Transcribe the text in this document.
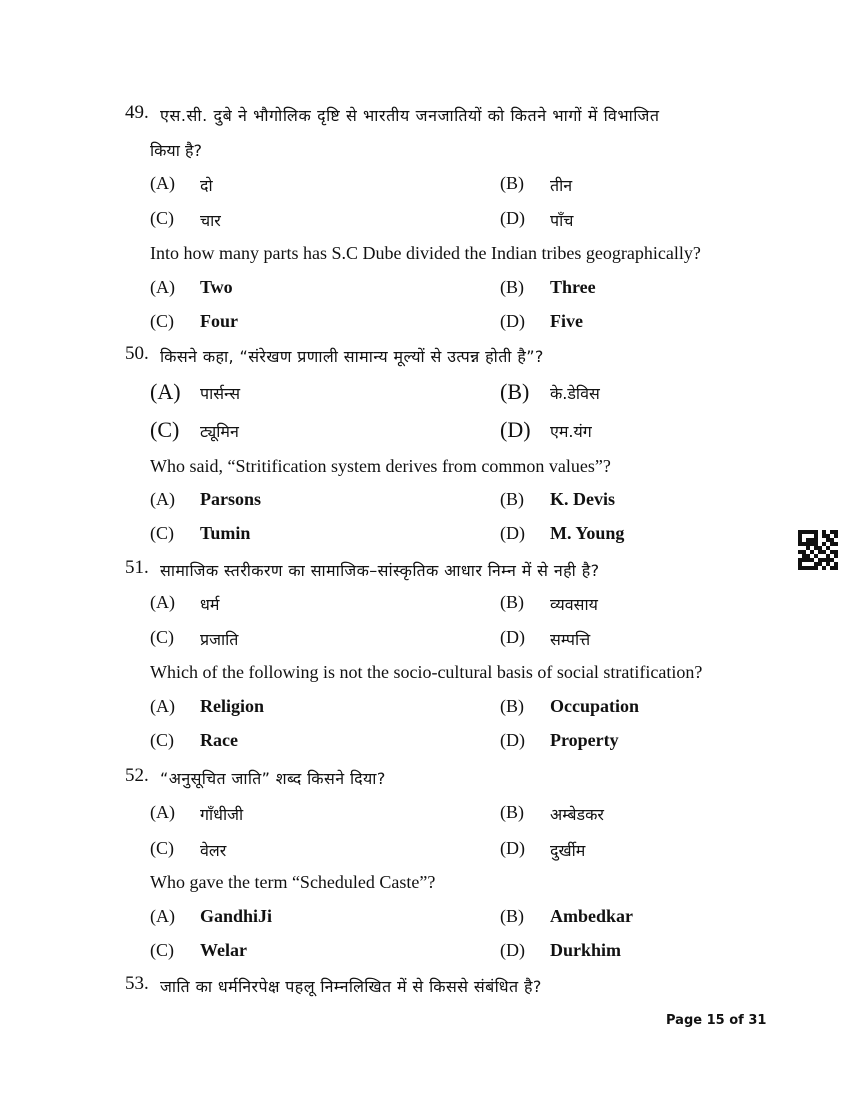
49. एस.सी. दुबे ने भौगोलिक दृष्टि से भारतीय जनजातियों को कितने भागों में विभाजित
किया है?
(A) दो	(B) तीन
(C) चार	(D) पाँच
Into how many parts has S.C Dube divided the Indian tribes geographically?
(A) Two	(B) Three
(C) Four	(D) Five
50. किसने कहा, “संरेखण प्रणाली सामान्य मूल्यों से उत्पन्न होती है”?
(A) पार्सन्स	(B) के.डेविस
(C) ट्यूमिन	(D) एम.यंग
Who said, “Stritification system derives from common values”?
(A) Parsons	(B) K. Devis
(C) Tumin	(D) M. Young
51. सामाजिक स्तरीकरण का सामाजिक–सांस्कृतिक आधार निम्न में से नही है?
(A) धर्म	(B) व्यवसाय
(C) प्रजाति	(D) सम्पत्ति
Which of the following is not the socio-cultural basis of social stratification?
(A) Religion	(B) Occupation
(C) Race	(D) Property
52. “अनुसूचित जाति” शब्द किसने दिया?
(A) गाँधीजी	(B) अम्बेडकर
(C) वेलर	(D) दुर्खीम
Who gave the term “Scheduled Caste”?
(A) GandhiJi	(B) Ambedkar
(C) Welar	(D) Durkhim
53. जाति का धर्मनिरपेक्ष पहलू निम्नलिखित में से किससे संबंधित है?
Page 15 of 31
